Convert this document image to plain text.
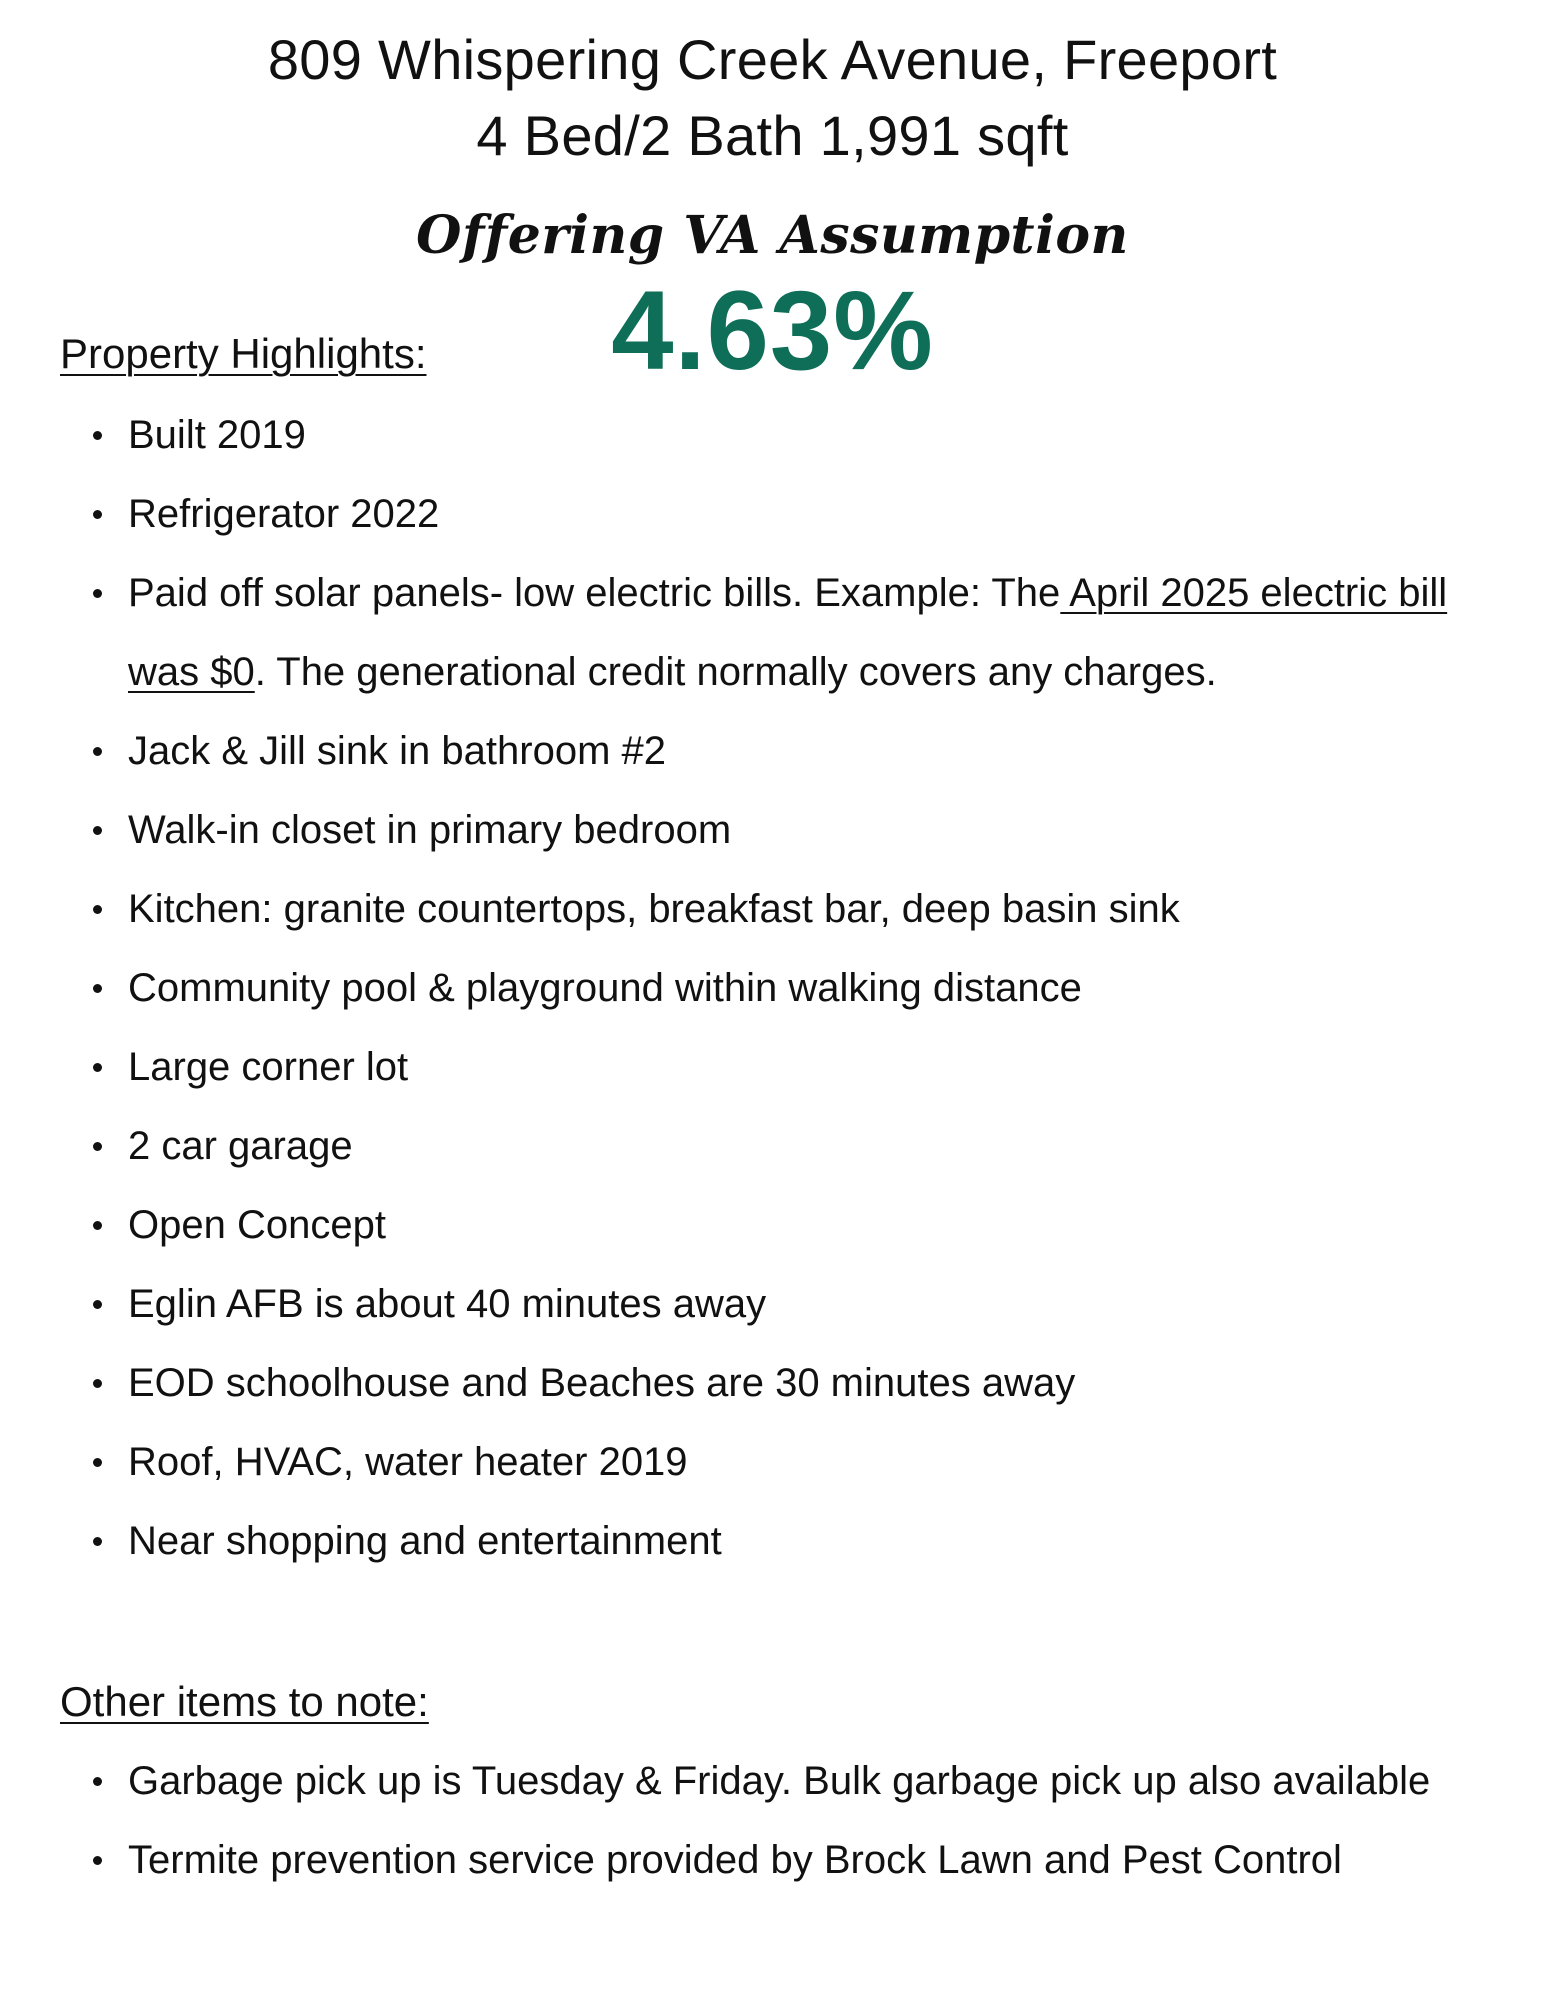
809 Whispering Creek Avenue, Freeport
4 Bed/2 Bath 1,991 sqft
Offering VA Assumption
4.63%
Property Highlights:
Built 2019
Refrigerator 2022
Paid off solar panels- low electric bills. Example: The April 2025 electric bill was $0. The generational credit normally covers any charges.
Jack & Jill sink in bathroom #2
Walk-in closet in primary bedroom
Kitchen: granite countertops, breakfast bar, deep basin sink
Community pool & playground within walking distance
Large corner lot
2 car garage
Open Concept
Eglin AFB is about 40 minutes away
EOD schoolhouse and Beaches are 30 minutes away
Roof, HVAC, water heater 2019
Near shopping and entertainment
Other items to note:
Garbage pick up is Tuesday & Friday. Bulk garbage pick up also available
Termite prevention service provided by Brock Lawn and Pest Control
